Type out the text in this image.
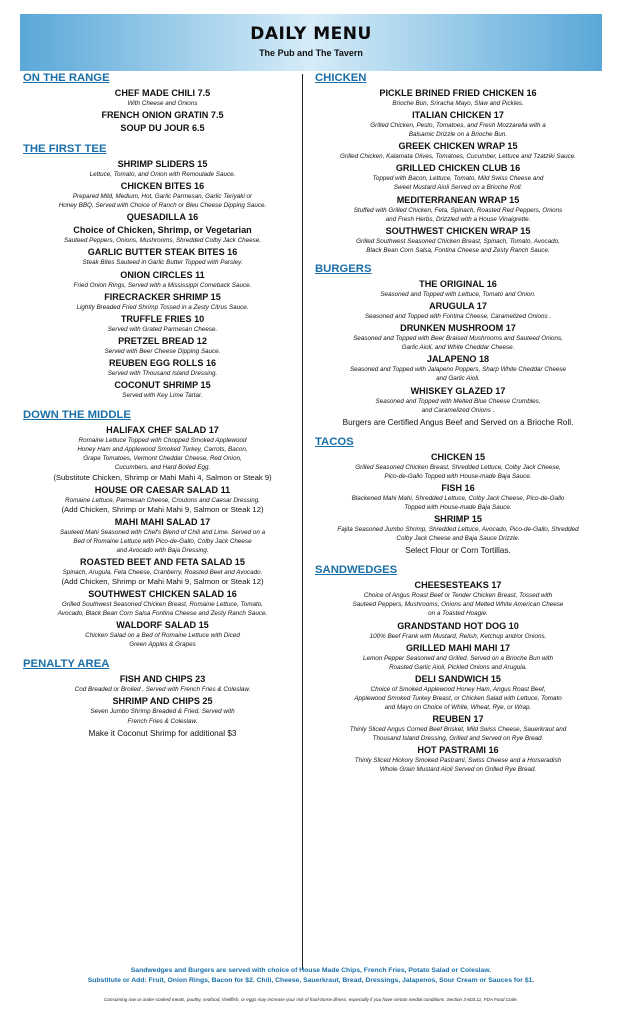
DAILY MENU
The Pub and The Tavern
ON THE RANGE
CHEF MADE CHILI 7.5
With Cheese and Onions
FRENCH ONION GRATIN 7.5
SOUP DU JOUR 6.5
THE FIRST TEE
SHRIMP SLIDERS 15
Lettuce, Tomato, and Onion with Remoulade Sauce.
CHICKEN BITES 16
Prepared Mild, Medium, Hot, Garlic Parmesan, Garlic Teriyaki or
Honey BBQ, Served with Choice of Ranch or Bleu Cheese Dipping Sauce.
QUESADILLA 16
Choice of Chicken, Shrimp, or Vegetarian
Sauteed Peppers, Onions, Mushrooms, Shredded Colby Jack Cheese.
GARLIC BUTTER STEAK BITES 16
Steak Bites Sauteed in Garlic Butter Topped with Parsley.
ONION CIRCLES 11
Fried Onion Rings, Served with a Mississippi Comeback Sauce.
FIRECRACKER SHRIMP 15
Lightly Breaded Fried Shrimp Tossed in a Zesty Citrus Sauce.
TRUFFLE FRIES 10
Served with Grated Parmesan Cheese.
PRETZEL BREAD 12
Served with Beer Cheese Dipping Sauce.
REUBEN EGG ROLLS 16
Served with Thousand Island Dressing.
COCONUT SHRIMP 15
Served with Key Lime Tartar.
DOWN THE MIDDLE
HALIFAX CHEF SALAD 17
Romaine Lettuce Topped with Chopped Smoked Applewood
Honey Ham and Applewood Smoked Turkey, Carrots, Bacon,
Grape Tomatoes, Vermont Cheddar Cheese, Red Onion,
Cucumbers, and Hard Boiled Egg.
(Substitute Chicken, Shrimp or Mahi Mahi 4, Salmon or Steak 9)
HOUSE OR CAESAR SALAD 11
Romaine Lettuce, Parmesan Cheese, Croutons and Caesar Dressing.
(Add Chicken, Shrimp or Mahi Mahi 9, Salmon or Steak 12)
MAHI MAHI SALAD 17
Sauteed Mahi Seasoned with Chef's Blend of Chili and Lime. Served on a
Bed of Romaine Lettuce with Pico-de-Gallo, Colby Jack Cheese
and Avocado with Baja Dressing.
ROASTED BEET AND FETA SALAD 15
Spinach, Arugula, Feta Cheese, Cranberry, Roasted Beet and Avocado.
(Add Chicken, Shrimp or Mahi Mahi 9, Salmon or Steak 12)
SOUTHWEST CHICKEN SALAD 16
Grilled Southwest Seasoned Chicken Breast, Romaine Lettuce, Tomato,
Avocado, Black Bean Corn Salsa Fontina Cheese and Zesty Ranch Sauce.
WALDORF SALAD 15
Chicken Salad on a Bed of Romaine Lettuce with Diced
Green Apples & Grapes
PENALTY AREA
FISH AND CHIPS 23
Cod Breaded or Broiled , Served with French Fries & Coleslaw.
SHRIMP AND CHIPS 25
Seven Jumbo Shrimp Breaded & Fried, Served with
French Fries & Coleslaw.
Make it Coconut Shrimp for additional $3
CHICKEN
PICKLE BRINED FRIED CHICKEN 16
Brioche Bun, Sriracha Mayo, Slaw and Pickles.
ITALIAN CHICKEN 17
Grilled Chicken, Pesto, Tomatoes, and Fresh Mozzarella with a
Balsamic Drizzle on a Brioche Bun.
GREEK CHICKEN WRAP 15
Grilled Chicken, Kalamata Olives, Tomatoes, Cucumber, Lettuce and Tzatziki Sauce.
GRILLED CHICKEN CLUB 16
Topped with Bacon, Lettuce, Tomato, Mild Swiss Cheese and
Sweet Mustard Aioli Served on a Brioche Roll.
MEDITERRANEAN WRAP 15
Stuffed with Grilled Chicken, Feta, Spinach, Roasted Red Peppers, Onions
and Fresh Herbs, Drizzled with a House Vinaigrette.
SOUTHWEST CHICKEN WRAP 15
Grilled Southwest Seasoned Chicken Breast, Spinach, Tomato, Avocado,
Black Bean Corn Salsa, Fontina Cheese and Zesty Ranch Sauce.
BURGERS
THE ORIGINAL 16
Seasoned and Topped with Lettuce, Tomato and Onion.
ARUGULA 17
Seasoned and Topped with Fontina Cheese, Caramelized Onions .
DRUNKEN MUSHROOM 17
Seasoned and Topped with Beer Braised Mushrooms and Sauteed Onions,
Garlic Aioli, and White Cheddar Cheese.
JALAPENO 18
Seasoned and Topped with Jalapeno Poppers, Sharp White Cheddar Cheese
and Garlic Aioli.
WHISKEY GLAZED 17
Seasoned and Topped with Melted Blue Cheese Crumbles,
and Caramelized Onions .
Burgers are Certified Angus Beef and Served on a Brioche Roll.
TACOS
CHICKEN 15
Grilled Seasoned Chicken Breast, Shredded Lettuce, Colby Jack Cheese,
Pico-de-Gallo Topped with House-made Baja Sauce.
FISH 16
Blackened Mahi Mahi, Shredded Lettuce, Colby Jack Cheese, Pico-de-Gallo
Topped with House-made Baja Sauce.
SHRIMP 15
Fajita Seasoned Jumbo Shrimp, Shredded Lettuce, Avocado, Pico-de-Gallo, Shredded
Colby Jack Cheese and Baja Sauce Drizzle.
Select Flour or Corn Tortillas.
SANDWEDGES
CHEESESTEAKS 17
Choice of Angus Roast Beef or Tender Chicken Breast, Tossed with
Sauteed Peppers, Mushrooms, Onions and Melted White American Cheese
on a Toasted Hoagie.
GRANDSTAND HOT DOG 10
100% Beef Frank with Mustard, Relish, Ketchup and/or Onions.
GRILLED MAHI MAHI 17
Lemon Pepper Seasoned and Grilled. Served on a Brioche Bun with
Roasted Garlic Aioli, Pickled Onions and Arugula.
DELI SANDWICH 15
Choice of Smoked Applewood Honey Ham, Angus Roast Beef,
Applewood Smoked Turkey Breast, or Chicken Salad with Lettuce, Tomato
and Mayo on Choice of White, Wheat, Rye, or Wrap.
REUBEN 17
Thinly Sliced Angus Corned Beef Brisket, Mild Swiss Cheese, Sauerkraut and
Thousand Island Dressing, Grilled and Served on Rye Bread.
HOT PASTRAMI 16
Thinly Sliced Hickory Smoked Pastrami, Swiss Cheese and a Horseradish
Whole Grain Mustard Aioli Served on Grilled Rye Bread.
Sandwedges and Burgers are served with choice of House Made Chips, French Fries, Potato Salad or Coleslaw.
Substitute or Add: Fruit, Onion Rings, Bacon for $2. Chili, Cheese, Sauerkraut, Bread, Dressings, Jalapenos, Sour Cream or Sauces for $1.
Consuming raw or under-cooked meats, poultry, seafood, shellfish, or eggs may increase your risk of food-borne illness, especially if you have certain medial conditions. Section 3-603.11, FDA Food Code.
